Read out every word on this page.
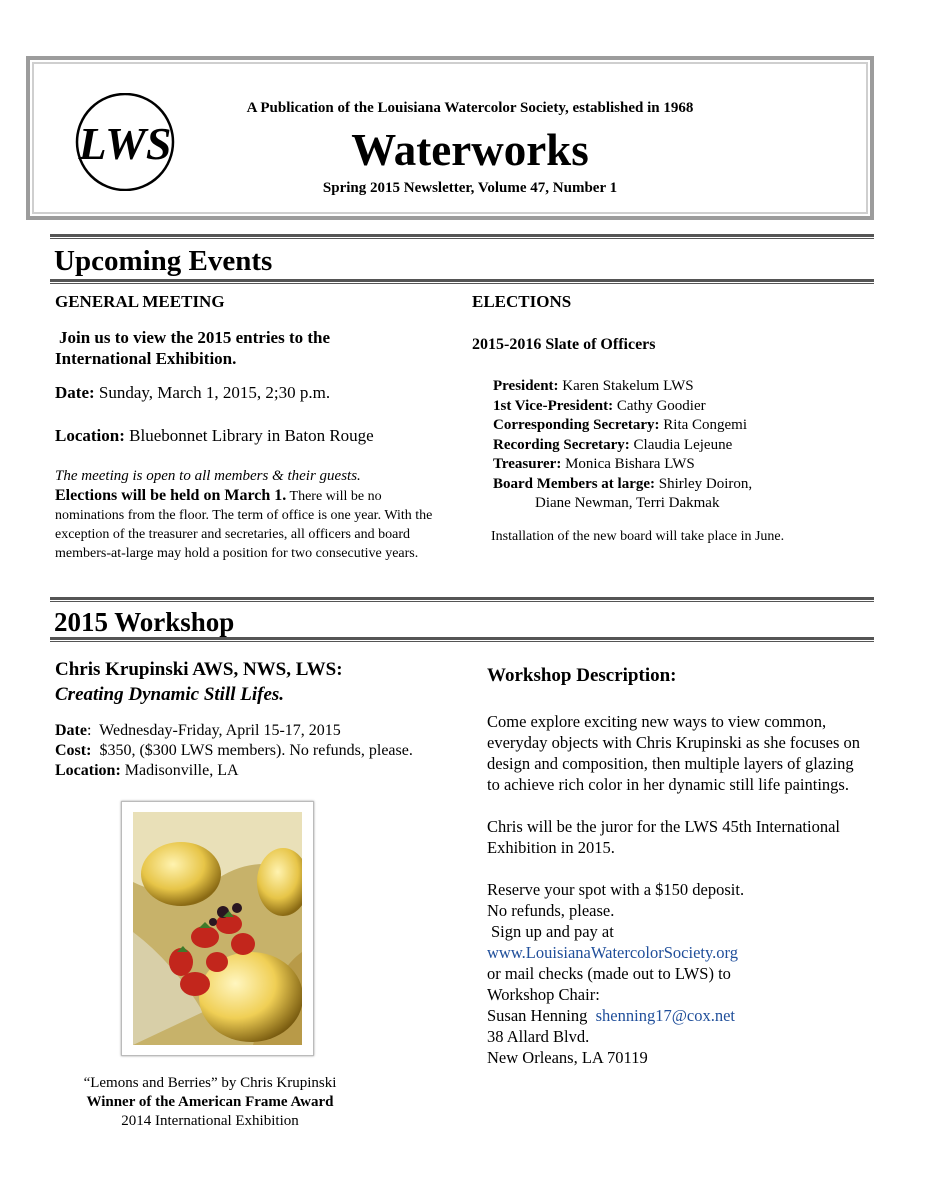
LWS
A Publication of the Louisiana Watercolor Society, established in 1968
Waterworks
Spring 2015 Newsletter, Volume 47, Number 1
Upcoming Events
GENERAL MEETING
Join us to view the 2015 entries to the International Exhibition.
Date: Sunday, March 1, 2015, 2;30 p.m.
Location: Bluebonnet Library in Baton Rouge
The meeting is open to all members & their guests.
Elections will be held on March 1. There will be no nominations from the floor. The term of office is one year. With the exception of the treasurer and secretaries, all officers and board members-at-large may hold a position for two consecutive years.
ELECTIONS
2015-2016 Slate of Officers
President: Karen Stakelum LWS
1st Vice-President: Cathy Goodier
Corresponding Secretary: Rita Congemi
Recording Secretary: Claudia Lejeune
Treasurer: Monica Bishara LWS
Board Members at large: Shirley Doiron,
Diane Newman, Terri Dakmak
Installation of the new board will take place in June.
2015 Workshop
Chris Krupinski AWS, NWS, LWS:
Creating Dynamic Still Lifes.
Date:  Wednesday-Friday, April 15-17, 2015
Cost: $350, ($300 LWS members). No refunds, please.
Location: Madisonville, LA
“Lemons and Berries” by Chris Krupinski
Winner of the American Frame Award
2014 International Exhibition
Workshop Description:
Come explore exciting new ways to view common, everyday objects with Chris Krupinski as she focuses on design and composition, then multiple layers of glazing to achieve rich color in her dynamic still life paintings.
Chris will be the juror for the LWS 45th International Exhibition in 2015.
Reserve your spot with a $150 deposit.
No refunds, please.
Sign up and pay at
www.LouisianaWatercolorSociety.org
or mail checks (made out to LWS) to
Workshop Chair:
Susan Henning shenning17@cox.net
38 Allard Blvd.
New Orleans, LA 70119
